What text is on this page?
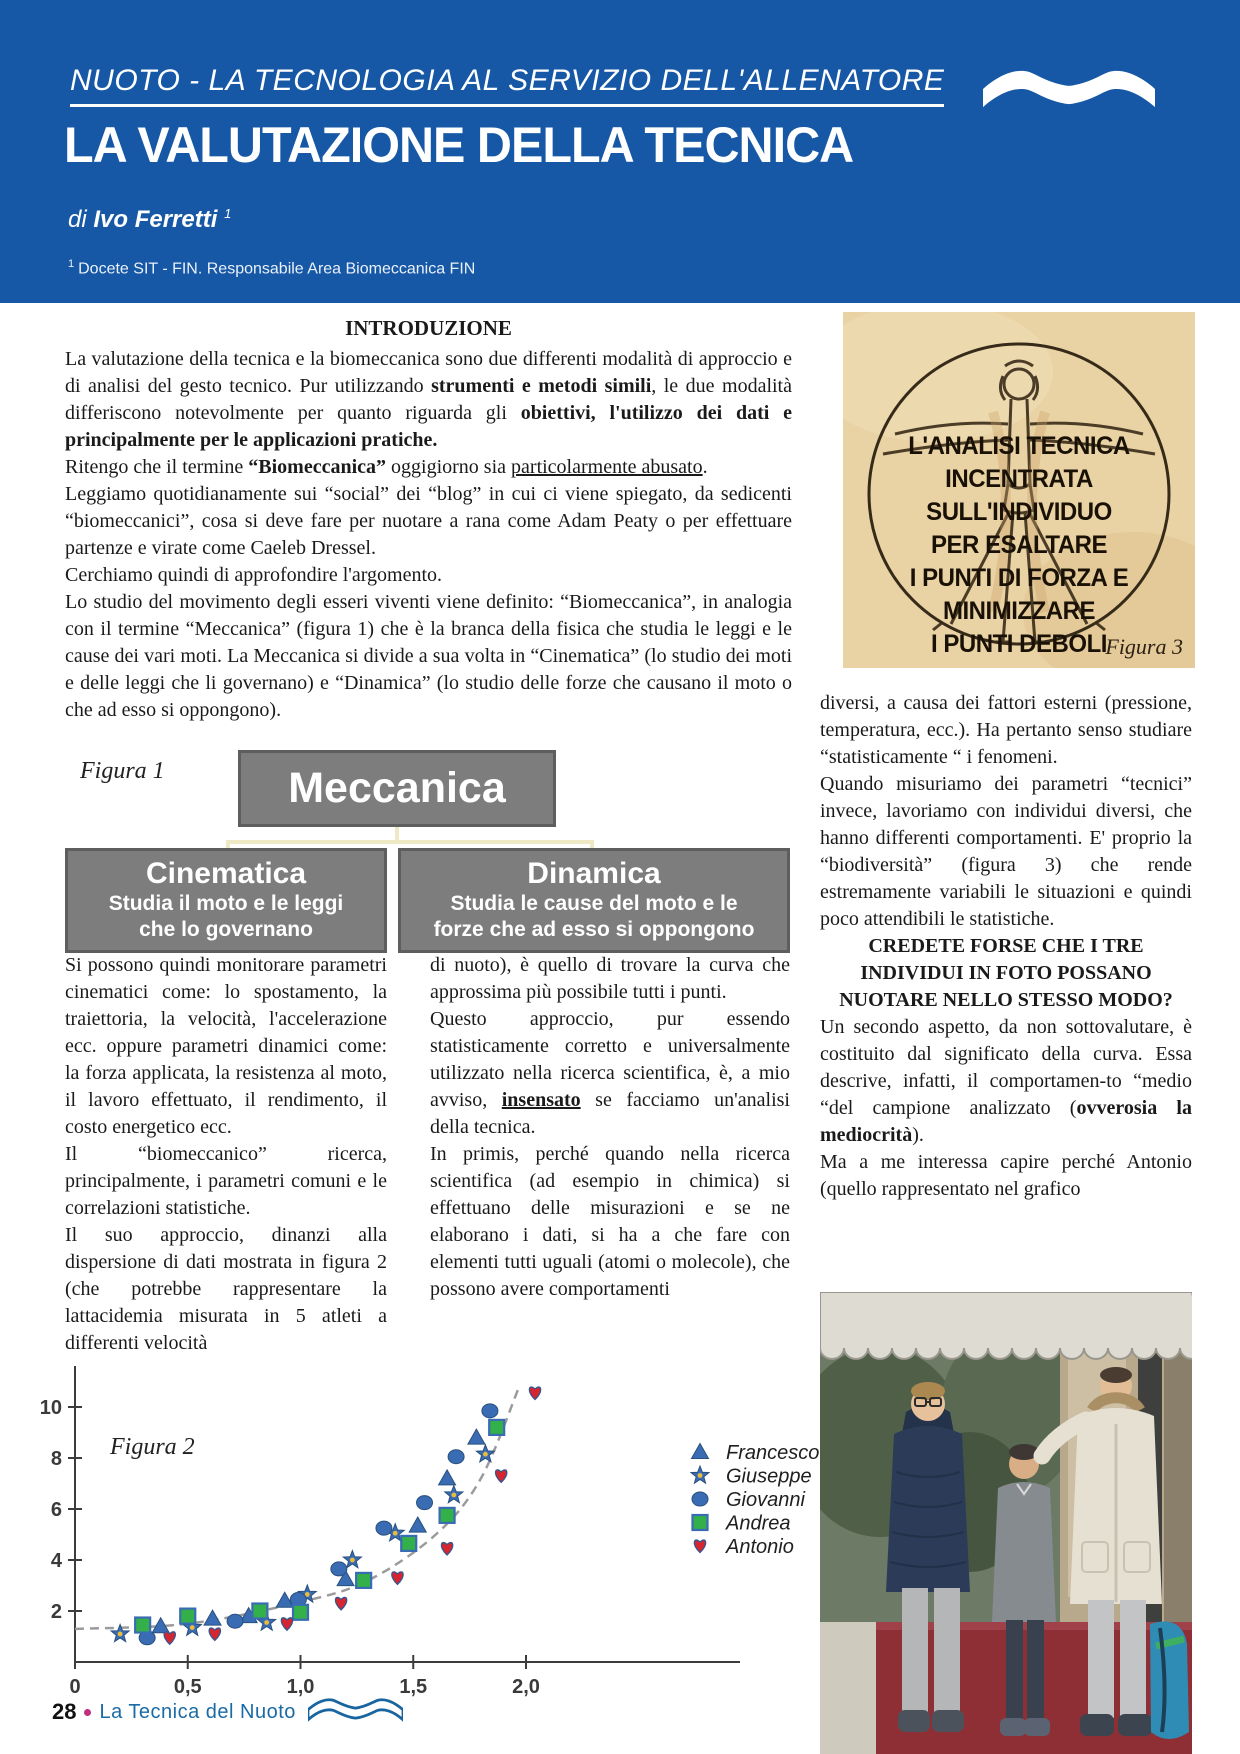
NUOTO - LA TECNOLOGIA AL SERVIZIO DELL'ALLENATORE
LA VALUTAZIONE DELLA TECNICA
di Ivo Ferretti $^1$
$^1$ Docete SIT - FIN. Responsabile Area Biomeccanica FIN
INTRODUZIONE
La valutazione della tecnica e la biomeccanica sono due differenti modalità di approccio e di analisi del gesto tecnico. Pur utilizzando strumenti e metodi simili, le due modalità differiscono notevolmente per quanto riguarda gli obiettivi, l'utilizzo dei dati e principalmente per le applicazioni pratiche.
Ritengo che il termine “Biomeccanica” oggigiorno sia particolarmente abusato.
Leggiamo quotidianamente sui “social” dei “blog” in cui ci viene spiegato, da sedicenti “biomeccanici”, cosa si deve fare per nuotare a rana come Adam Peaty o per effettuare partenze e virate come Caeleb Dressel.
Cerchiamo quindi di approfondire l'argomento.
Lo studio del movimento degli esseri viventi viene definito: “Biomeccanica”, in analogia con il termine “Meccanica” (figura 1) che è la branca della fisica che studia le leggi e le cause dei vari moti. La Meccanica si divide a sua volta in “Cinematica” (lo studio dei moti e delle leggi che li governano) e “Dinamica” (lo studio delle forze che causano il moto o che ad esso si oppongono).
L'ANALISI TECNICA
INCENTRATA SULL'INDIVIDUO
PER ESALTARE
I PUNTI DI FORZA E
MINIMIZZARE
I PUNTI DEBOLI
Figura 3
Figura 1	Meccanica
Cinematica
Studia il moto e le leggi che lo governano
Dinamica
Studia le cause del moto e le forze che ad esso si oppongono
Si possono quindi monitorare parametri cinematici come: lo spostamento, la traiettoria, la velocità, l'accelerazione ecc. oppure parametri dinamici come: la forza applicata, la resistenza al moto, il lavoro effettuato, il rendimento, il costo energetico ecc.
Il “biomeccanico” ricerca, principalmente, i parametri comuni e le correlazioni statistiche.
Il suo approccio, dinanzi alla dispersione di dati mostrata in figura 2 (che potrebbe rappresentare la lattacidemia misurata in 5 atleti a differenti velocità
di nuoto), è quello di trovare la curva che approssima più possibile tutti i punti.
Questo approccio, pur essendo statisticamente corretto e universalmente utilizzato nella ricerca scientifica, è, a mio avviso, insensato se facciamo un'analisi della tecnica.
In primis, perché quando nella ricerca scientifica (ad esempio in chimica) si effettuano delle misurazioni e se ne elaborano i dati, si ha a che fare con elementi tutti uguali (atomi o molecole), che possono avere comportamenti
diversi, a causa dei fattori esterni (pressione, temperatura, ecc.). Ha pertanto senso studiare “statisticamente “ i fenomeni.
Quando misuriamo dei parametri “tecnici” invece, lavoriamo con individui diversi, che hanno differenti comportamenti. E' proprio la “biodiversità” (figura 3) che rende estremamente variabili le situazioni e quindi poco attendibili le statistiche.
CREDETE FORSE CHE I TRE INDIVIDUI IN FOTO POSSANO NUOTARE NELLO STESSO MODO?
Un secondo aspetto, da non sottovalutare, è costituito dal significato della curva. Essa descrive, infatti, il comportamen-to “medio “del campione analizzato (ovverosia la mediocrità).
Ma a me interessa capire perché Antonio (quello rappresentato nel grafico
0	0,5	1,0	1,5	2,0
2
4
6
8
10
Francesco
Giuseppe
Giovanni
Andrea
Antonio
Figura 2
28 La Tecnica del Nuoto
